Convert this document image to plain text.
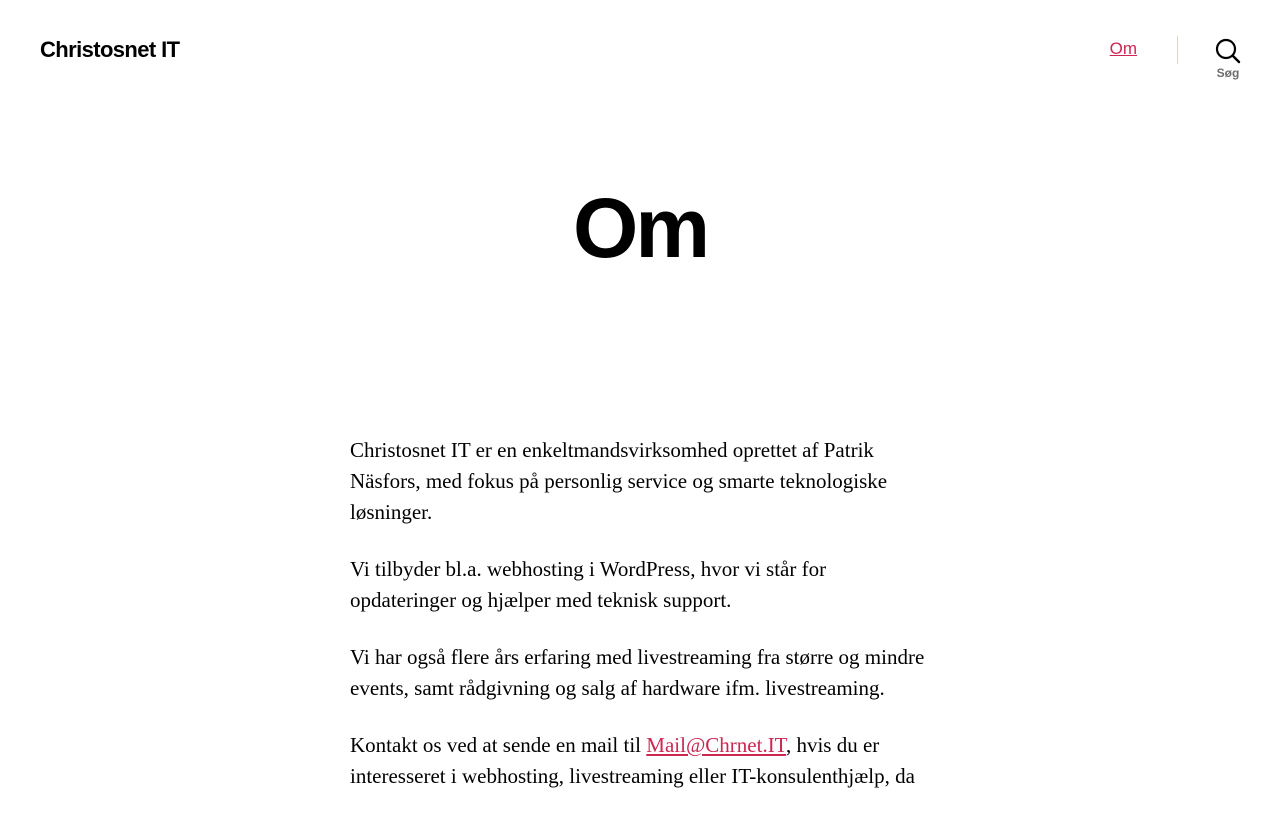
Christosnet IT	Om
Søg
Om

Christosnet IT er en enkeltmandsvirksomhed oprettet af Patrik Näsfors, med fokus på personlig service og smarte teknologiske løsninger.

Vi tilbyder bl.a. webhosting i WordPress, hvor vi står for opdateringer og hjælper med teknisk support.

Vi har også flere års erfaring med livestreaming fra større og mindre events, samt rådgivning og salg af hardware ifm. livestreaming.

Kontakt os ved at sende en mail til Mail@Chrnet.IT, hvis du er interesseret i webhosting, livestreaming eller IT-konsulenthjælp, da
